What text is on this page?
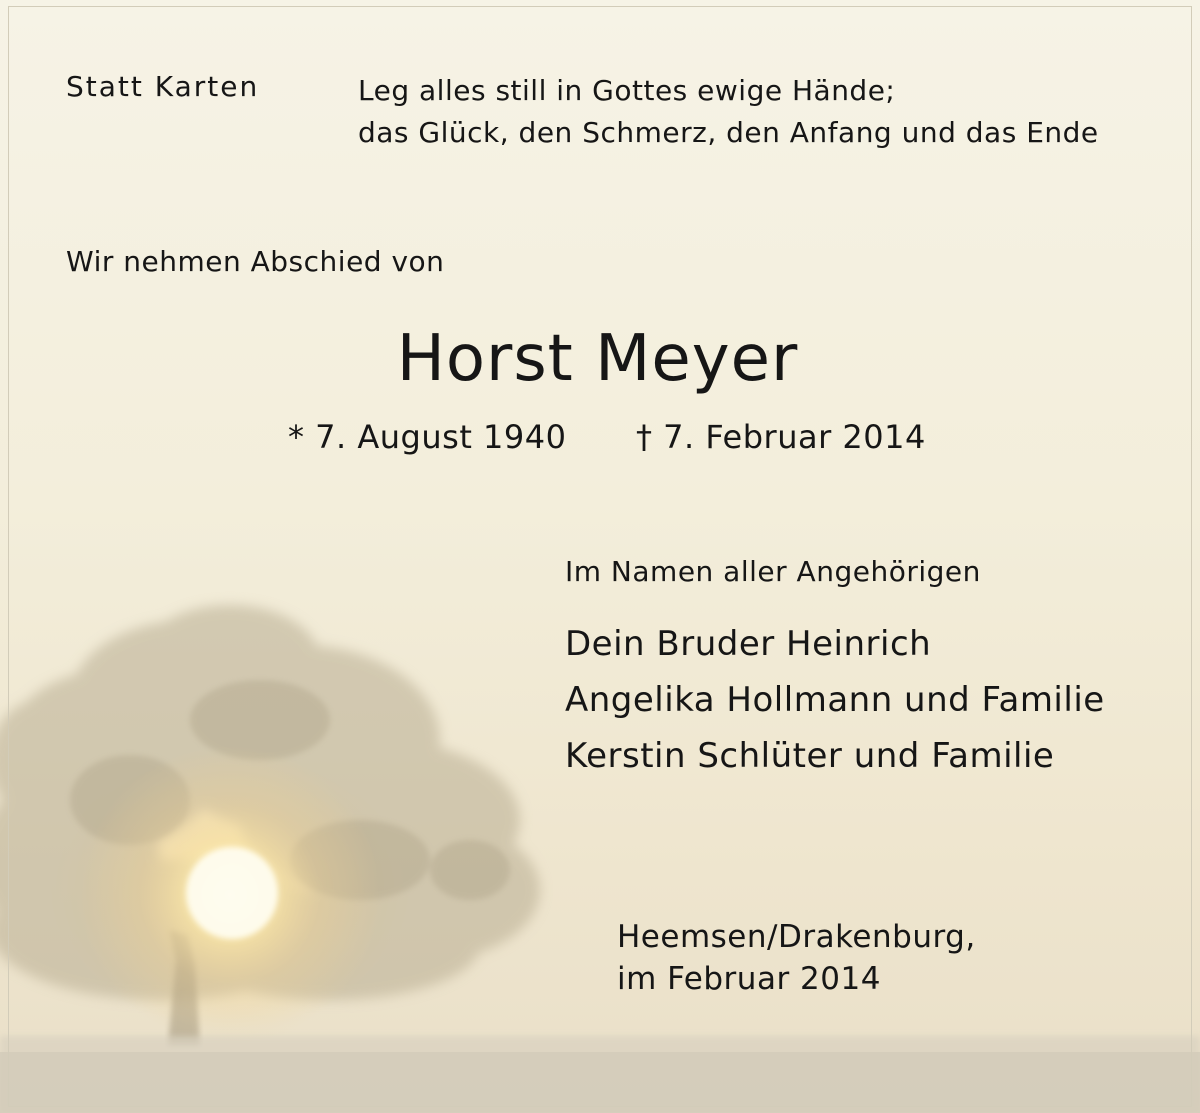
Statt Karten	Leg alles still in Gottes ewige Hände;
das Glück, den Schmerz, den Anfang und das Ende
Wir nehmen Abschied von
Horst Meyer
* 7. August 1940 † 7. Februar 2014
Im Namen aller Angehörigen
Dein Bruder Heinrich
Angelika Hollmann und Familie
Kerstin Schlüter und Familie
Heemsen/Drakenburg,
im Februar 2014
